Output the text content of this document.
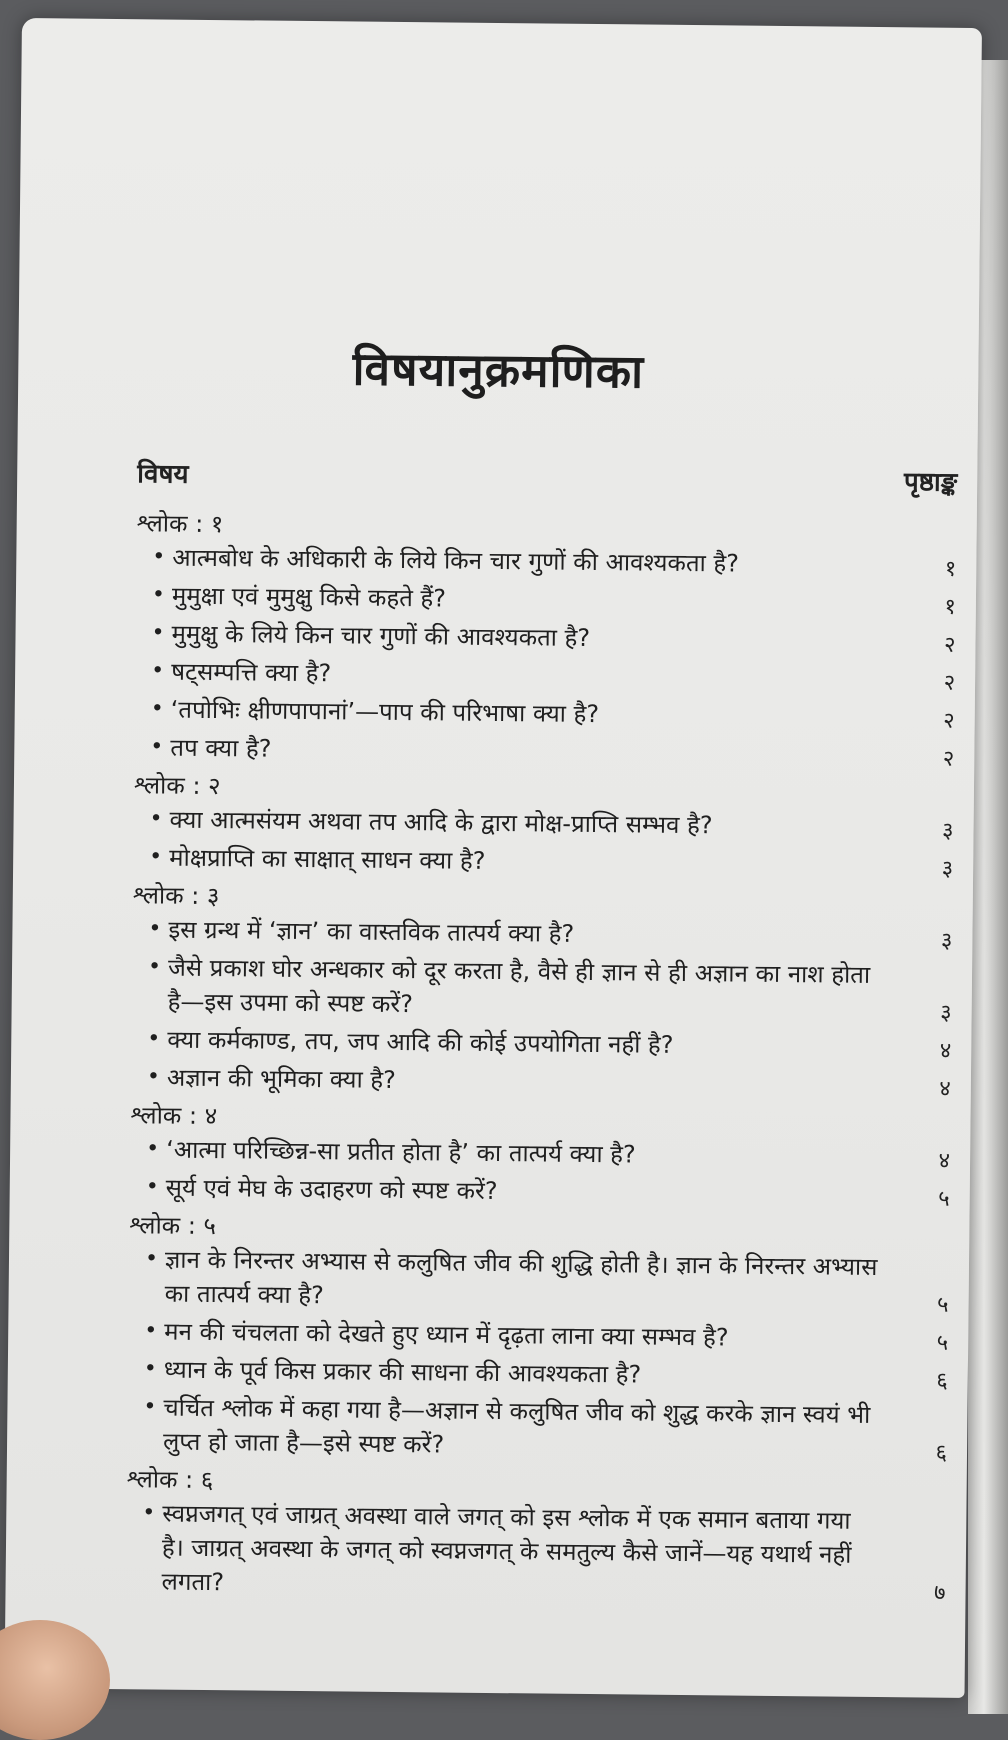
विषयानुक्रमणिका
विषय	पृष्ठाङ्क
श्लोक : १
• आत्मबोध के अधिकारी के लिये किन चार गुणों की आवश्यकता है?	१
• मुमुक्षा एवं मुमुक्षु किसे कहते हैं?	१
• मुमुक्षु के लिये किन चार गुणों की आवश्यकता है?	२
• षट्सम्पत्ति क्या है?	२
• ‘तपोभिः क्षीणपापानां’—पाप की परिभाषा क्या है?	२
• तप क्या है?	२
श्लोक : २
• क्या आत्मसंयम अथवा तप आदि के द्वारा मोक्ष-प्राप्ति सम्भव है?	३
• मोक्षप्राप्ति का साक्षात् साधन क्या है?	३
श्लोक : ३
• इस ग्रन्थ में ‘ज्ञान’ का वास्तविक तात्पर्य क्या है?	३
• जैसे प्रकाश घोर अन्धकार को दूर करता है, वैसे ही ज्ञान से ही अज्ञान का नाश होता है—इस उपमा को स्पष्ट करें?	३
• क्या कर्मकाण्ड, तप, जप आदि की कोई उपयोगिता नहीं है?	४
• अज्ञान की भूमिका क्या है?	४
श्लोक : ४
• ‘आत्मा परिच्छिन्न-सा प्रतीत होता है’ का तात्पर्य क्या है?	४
• सूर्य एवं मेघ के उदाहरण को स्पष्ट करें?	५
श्लोक : ५
• ज्ञान के निरन्तर अभ्यास से कलुषित जीव की शुद्धि होती है। ज्ञान के निरन्तर अभ्यास का तात्पर्य क्या है?	५
• मन की चंचलता को देखते हुए ध्यान में दृढ़ता लाना क्या सम्भव है?	५
• ध्यान के पूर्व किस प्रकार की साधना की आवश्यकता है?	६
• चर्चित श्लोक में कहा गया है—अज्ञान से कलुषित जीव को शुद्ध करके ज्ञान स्वयं भी लुप्त हो जाता है—इसे स्पष्ट करें?	६
श्लोक : ६
• स्वप्नजगत् एवं जाग्रत् अवस्था वाले जगत् को इस श्लोक में एक समान बताया गया है। जाग्रत् अवस्था के जगत् को स्वप्नजगत् के समतुल्य कैसे जानें—यह यथार्थ नहीं लगता?	७
